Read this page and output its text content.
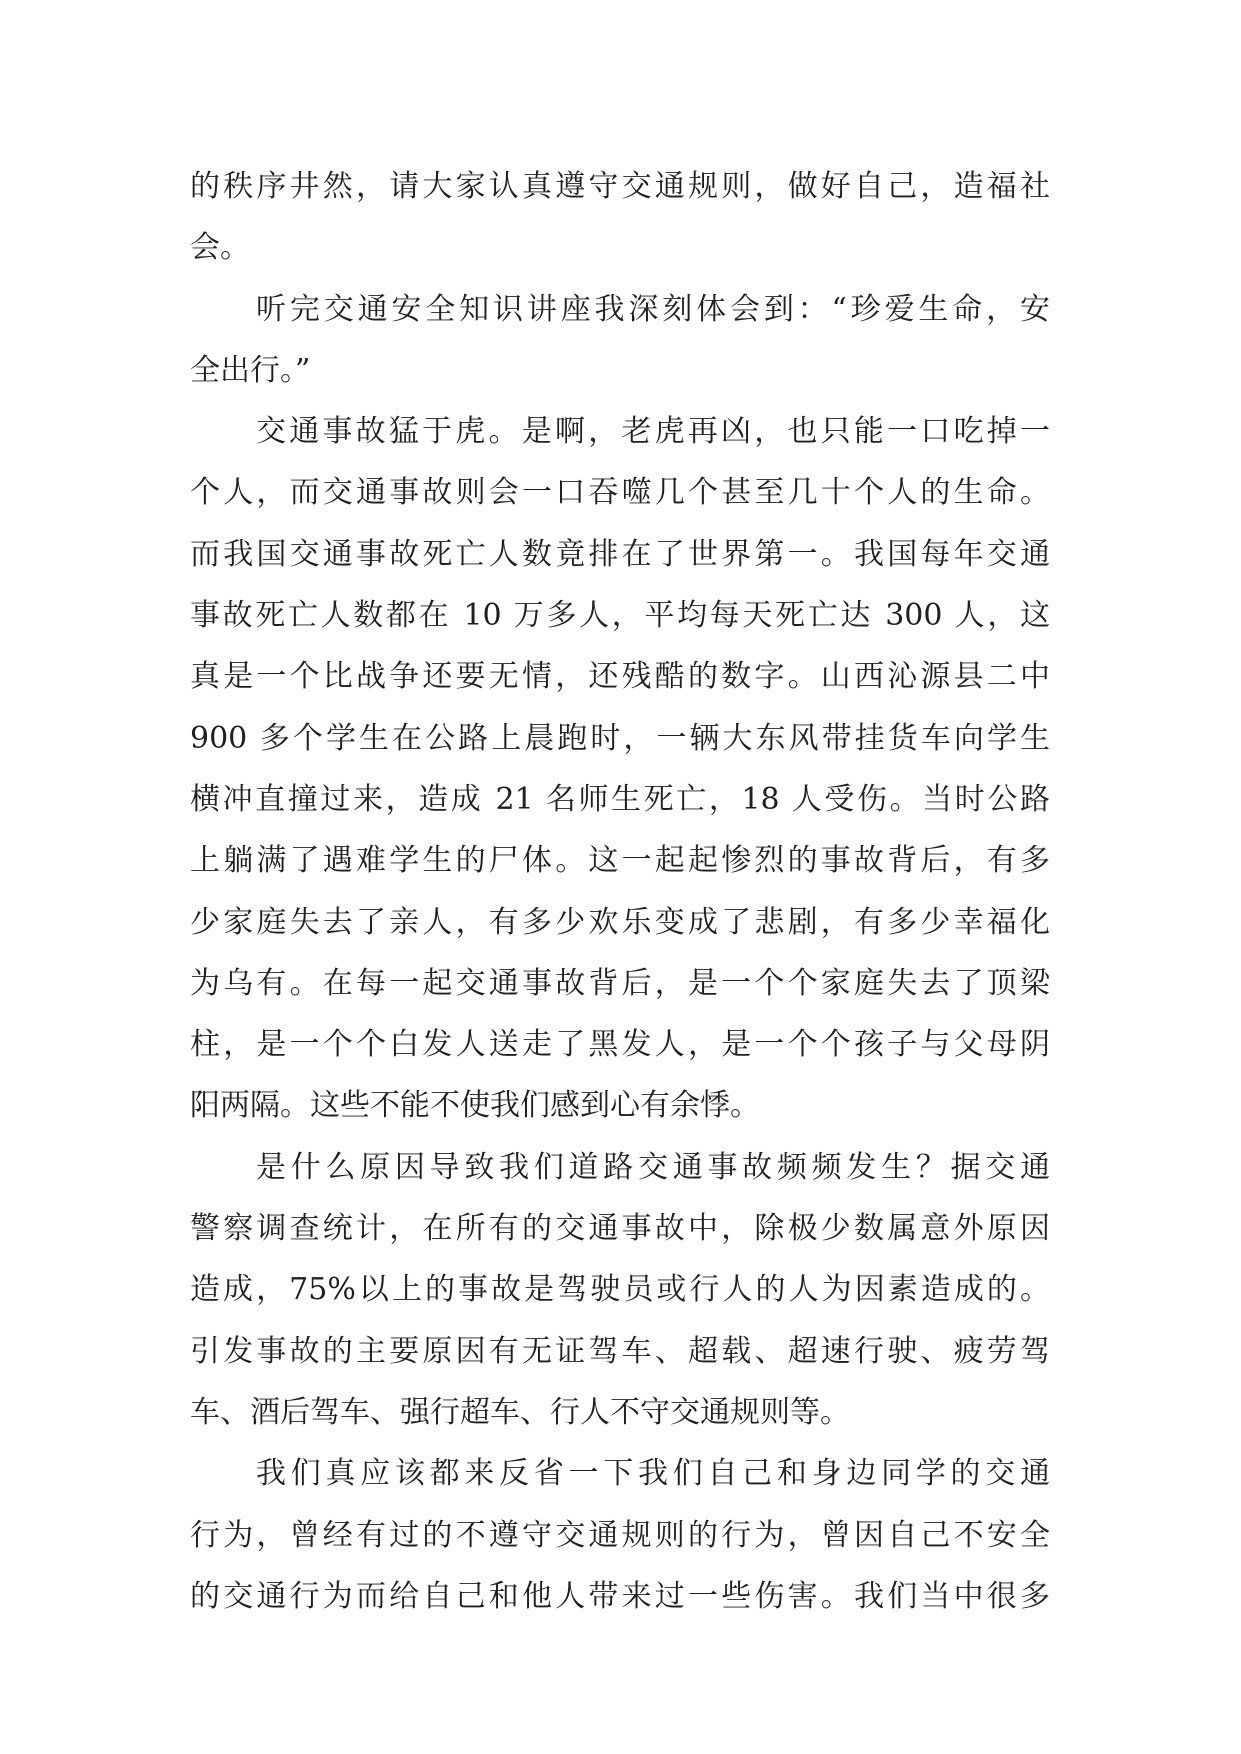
的秩序井然，请大家认真遵守交通规则，做好自己，造福社
会。
听完交通安全知识讲座我深刻体会到：“珍爱生命，安
全出行。”
交通事故猛于虎。是啊，老虎再凶，也只能一口吃掉一
个人，而交通事故则会一口吞噬几个甚至几十个人的生命。
而我国交通事故死亡人数竟排在了世界第一。我国每年交通
事故死亡人数都在 10 万多人，平均每天死亡达 300 人，这
真是一个比战争还要无情，还残酷的数字。山西沁源县二中
900 多个学生在公路上晨跑时，一辆大东风带挂货车向学生
横冲直撞过来，造成 21 名师生死亡，18 人受伤。当时公路
上躺满了遇难学生的尸体。这一起起惨烈的事故背后，有多
少家庭失去了亲人，有多少欢乐变成了悲剧，有多少幸福化
为乌有。在每一起交通事故背后，是一个个家庭失去了顶梁
柱，是一个个白发人送走了黑发人，是一个个孩子与父母阴
阳两隔。这些不能不使我们感到心有余悸。
是什么原因导致我们道路交通事故频频发生？据交通
警察调查统计，在所有的交通事故中，除极少数属意外原因
造成，75%以上的事故是驾驶员或行人的人为因素造成的。
引发事故的主要原因有无证驾车、超载、超速行驶、疲劳驾
车、酒后驾车、强行超车、行人不守交通规则等。
我们真应该都来反省一下我们自己和身边同学的交通
行为，曾经有过的不遵守交通规则的行为，曾因自己不安全
的交通行为而给自己和他人带来过一些伤害。我们当中很多
